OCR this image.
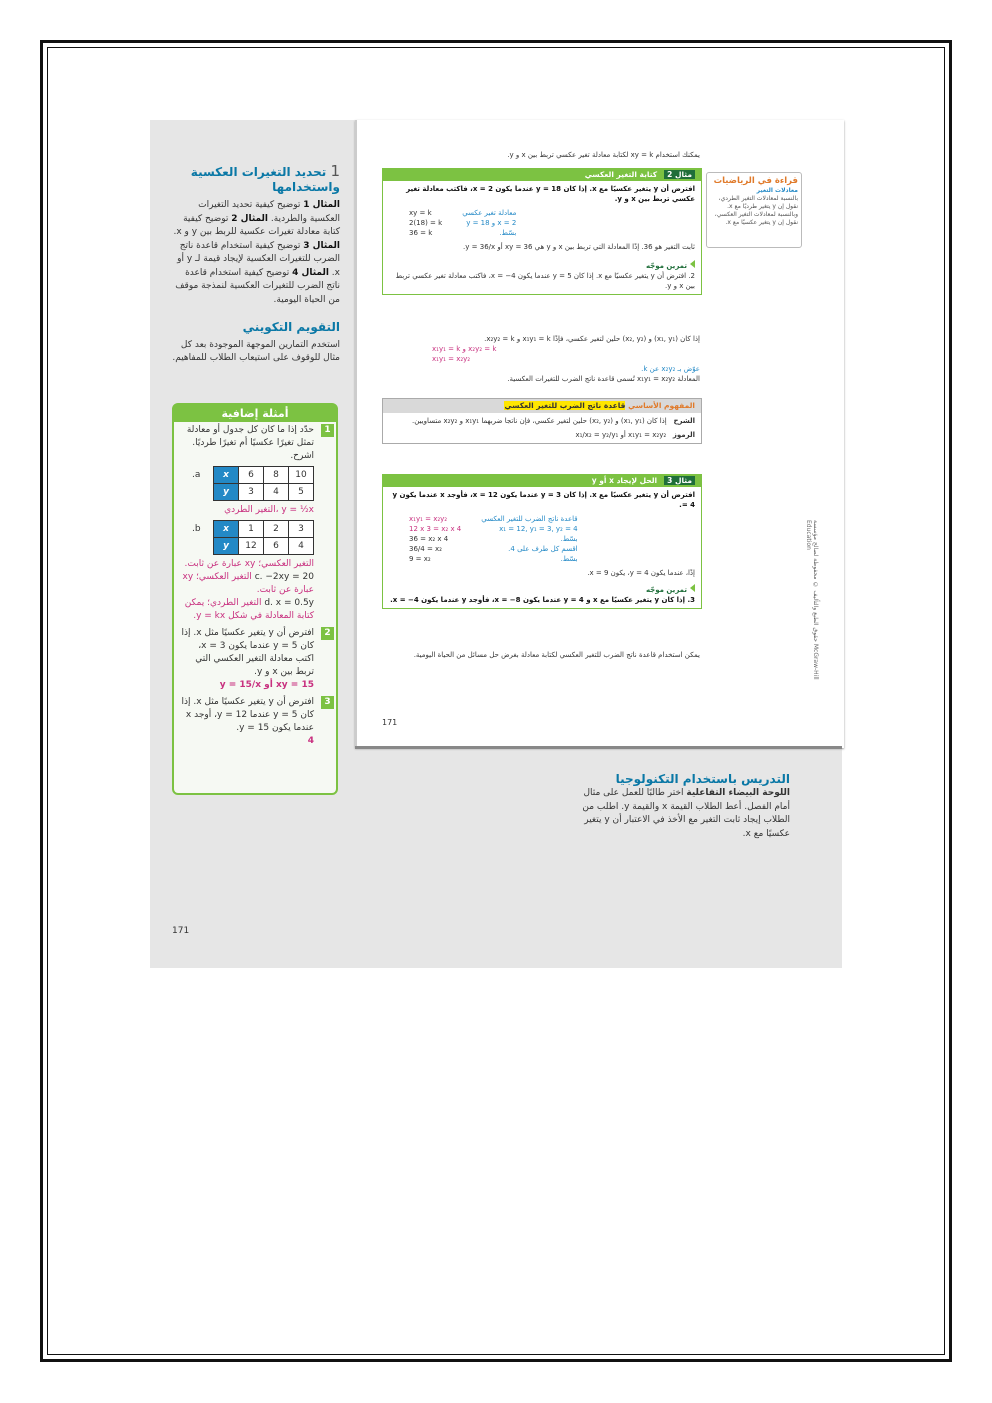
1 تحديد التغيرات العكسية واستخدامها
المثال 1 توضيح كيفية تحديد التغيرات العكسية والطردية. المثال 2 توضيح كيفية كتابة معادلة تغيرات عكسية للربط بين y و x. المثال 3 توضيح كيفية استخدام قاعدة ناتج الضرب للتغيرات العكسية لإيجاد قيمة لـ y أو x. المثال 4 توضيح كيفية استخدام قاعدة ناتج الضرب للتغيرات العكسية لنمذجة موقف من الحياة اليومية.
التقويم التكويني
استخدم التمارين الموجهة الموجودة بعد كل مثال للوقوف على استيعاب الطلاب للمفاهيم.
أمثلة إضافية
1
حدّد إذا ما كان كل جدول أو معادلة تمثل تغيرًا عكسيًا أم تغيرًا طرديًا. اشرح.
a.	x	6	8	10
y	3	4	5
y = ½x ،التغير الطردي
b.	x	1	2	3
y	12	6	4
التغير العكسي؛ xy عبارة عن ثابت.
c. −2xy = 20 التغير العكسي؛ xy عبارة عن ثابت.
d. x = 0.5y التغير الطردي؛ يمكن كتابة المعادلة في شكل y = kx.
2
افترض أن y يتغير عكسيًا مثل x. إذا كان y = 5 عندما يكون x = 3، اكتب معادلة التغير العكسي التي تربط بين x و y.
xy = 15 أو y = 15/x
3
افترض أن y يتغير عكسيًا مثل x. إذا كان y = 5 عندما y = 12، أوجد x عندما يكون y = 15.
4
قراءة في الرياضيات
معادلات التغير
بالنسبة لمعادلات التغير الطردي، نقول إن y يتغير طرديًا مع x. وبالنسبة لمعادلات التغير العكسي، نقول إن y يتغير عكسيًا مع x.
يمكنك استخدام xy = k لكتابة معادلة تغير عكسي تربط بين x و y.
مثال 2كتابة التغير العكسي
افترض أن y يتغير عكسيًا مع x. إذا كان y = 18 عندما يكون x = 2، فاكتب معادلة تغير عكسي تربط بين x و y.
xy = k
2(18) = k
36 = k
معادلة تغير عكسي
x = 2 و y = 18
بسّط.
ثابت التغير هو 36. إذًا المعادلة التي تربط بين x و y هي xy = 36 أو y = 36/x.
تمرين موجّه
2. افترض أن y يتغير عكسيًا مع x. إذا كان y = 5 عندما يكون x = −4، فاكتب معادلة تغير عكسي تربط بين x و y.
إذا كان (x₁, y₁) و (x₂, y₂) حلين لتغير عكسي، فإذًا x₁y₁ = k و x₂y₂ = k.
x₁y₁ = k و x₂y₂ = k
x₁y₁ = x₂y₂
عوّض بـ x₂y₂ عن k.
المعادلة x₁y₁ = x₂y₂ تُسمى قاعدة ناتج الضرب للتغيرات العكسية.
المفهوم الأساسي قاعدة ناتج الضرب للتغير العكسي
الشرح   إذا كان (x₁, y₁) و (x₂, y₂) حلين لتغير عكسي، فإن ناتجا ضربهما x₁y₁ و x₂y₂ متساويين.
الرموز   x₁y₁ = x₂y₂ أو x₁/x₂ = y₂/y₁
مثال 3الحل لإيجاد x أو y
افترض أن y يتغير عكسيًا مع x. إذا كان y = 3 عندما يكون x = 12، فأوجد x عندما يكون y = 4.
x₁y₁ = x₂y₂
12 x 3 = x₂ x 4
36 = x₂ x 4
36/4 = x₂
9 = x₂
قاعدة ناتج الضرب للتغير العكسي
x₁ = 12, y₁ = 3, y₂ = 4
بسّط.
اقسم كل طرف على 4.
بسّط.
إذًا، عندما يكون y = 4، يكون x = 9.
تمرين موجّه
3. إذا كان y يتغير عكسيًا مع x و y = 4 عندما يكون x = −8، فأوجد y عندما يكون x = −4.
يمكن استخدام قاعدة ناتج الضرب للتغير العكسي لكتابة معادلة بغرض حل مسائل من الحياة اليومية.
171
حقوق الطبع والتأليف © محفوظة لصالح مؤسسة McGraw-Hill Education
التدريس باستخدام التكنولوجيا
اللوحة البيضاء التفاعلية اختر طالبًا للعمل على مثال أمام الفصل. أعط الطلاب القيمة x والقيمة y. اطلب من الطلاب إيجاد ثابت التغير مع الأخذ في الاعتبار أن y يتغير عكسيًا مع x.
171
